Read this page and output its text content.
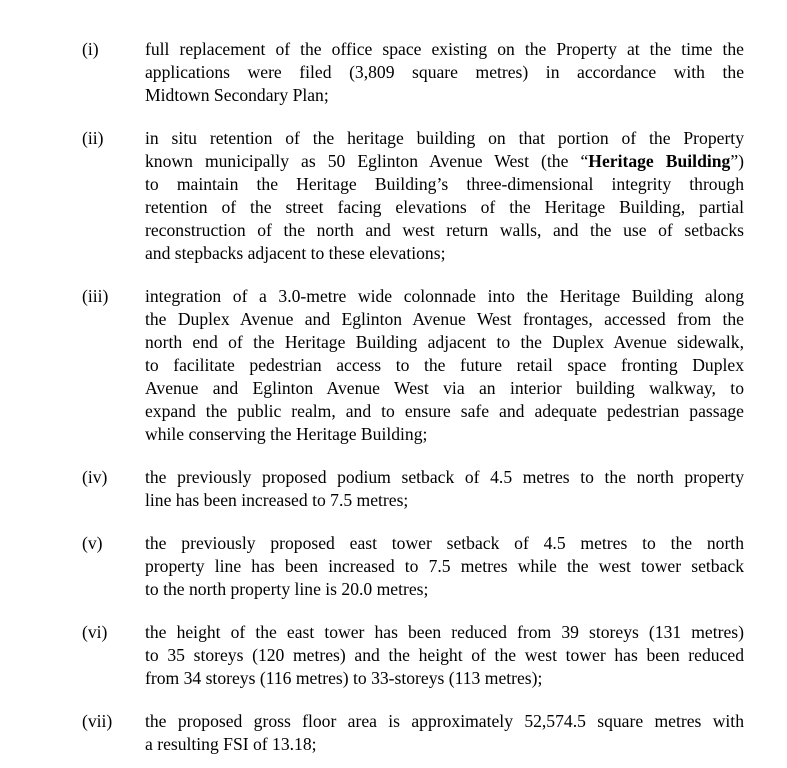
(i)	full replacement of the office space existing on the Property at the time the
applications were filed (3,809 square metres) in accordance with the
Midtown Secondary Plan;
(ii) in situ retention of the heritage building on that portion of the Property
known municipally as 50 Eglinton Avenue West (the “Heritage Building”)
to maintain the Heritage Building’s three-dimensional integrity through
retention of the street facing elevations of the Heritage Building, partial
reconstruction of the north and west return walls, and the use of setbacks
and stepbacks adjacent to these elevations;
(iii) integration of a 3.0-metre wide colonnade into the Heritage Building along
the Duplex Avenue and Eglinton Avenue West frontages, accessed from the
north end of the Heritage Building adjacent to the Duplex Avenue sidewalk,
to facilitate pedestrian access to the future retail space fronting Duplex
Avenue and Eglinton Avenue West via an interior building walkway, to
expand the public realm, and to ensure safe and adequate pedestrian passage
while conserving the Heritage Building;
(iv) the previously proposed podium setback of 4.5 metres to the north property
line has been increased to 7.5 metres;
(v) the previously proposed east tower setback of 4.5 metres to the north
property line has been increased to 7.5 metres while the west tower setback
to the north property line is 20.0 metres;
(vi) the height of the east tower has been reduced from 39 storeys (131 metres)
to 35 storeys (120 metres) and the height of the west tower has been reduced
from 34 storeys (116 metres) to 33-storeys (113 metres);
(vii) the proposed gross floor area is approximately 52,574.5 square metres with
a resulting FSI of 13.18;
